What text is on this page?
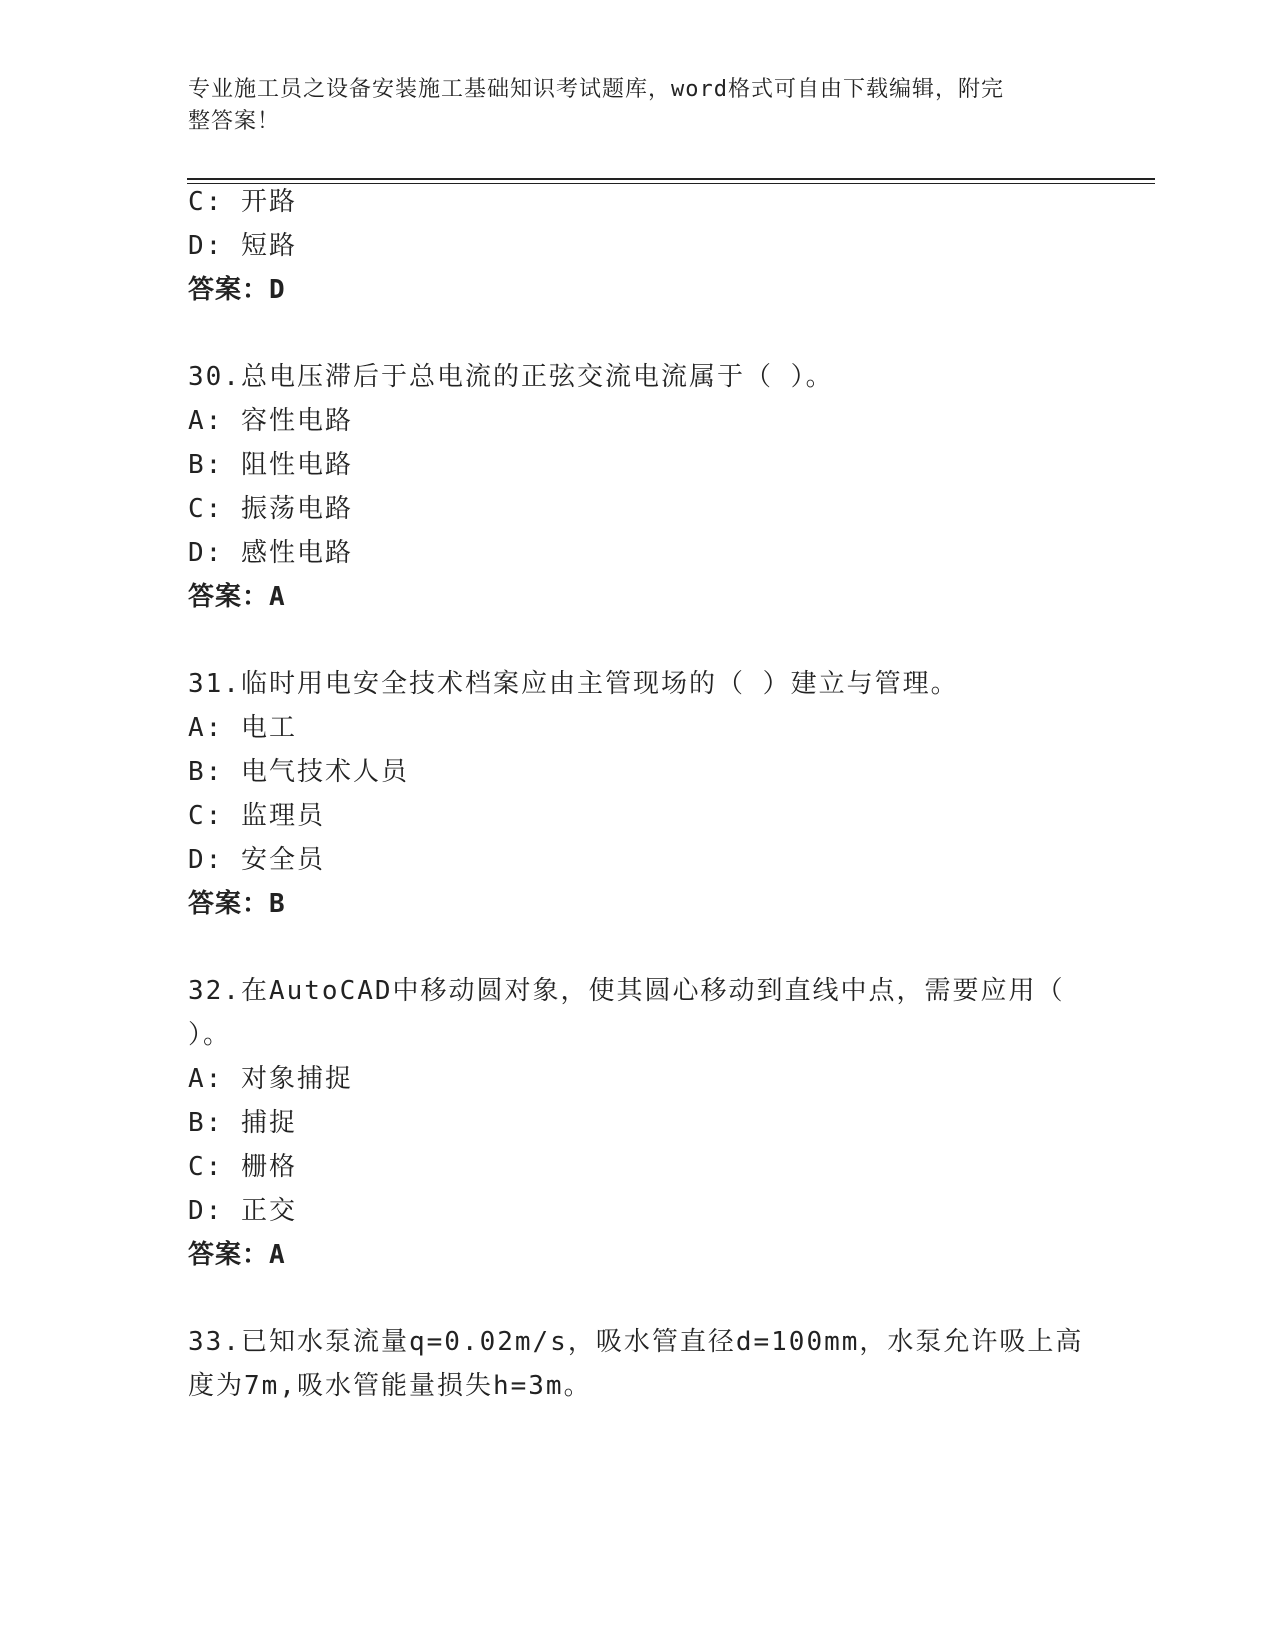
专业施工员之设备安装施工基础知识考试题库，word格式可自由下载编辑，附完
整答案！
C: 开路
D: 短路
答案：D
30.总电压滞后于总电流的正弦交流电流属于（ ）。
A: 容性电路
B: 阻性电路
C: 振荡电路
D: 感性电路
答案：A
31.临时用电安全技术档案应由主管现场的（ ）建立与管理。
A: 电工
B: 电气技术人员
C: 监理员
D: 安全员
答案：B
32.在AutoCAD中移动圆对象，使其圆心移动到直线中点，需要应用（
）。
A: 对象捕捉
B: 捕捉
C: 栅格
D: 正交
答案：A
33.已知水泵流量q=0.02m/s，吸水管直径d=100mm，水泵允许吸上高
度为7m,吸水管能量损失h=3m。
